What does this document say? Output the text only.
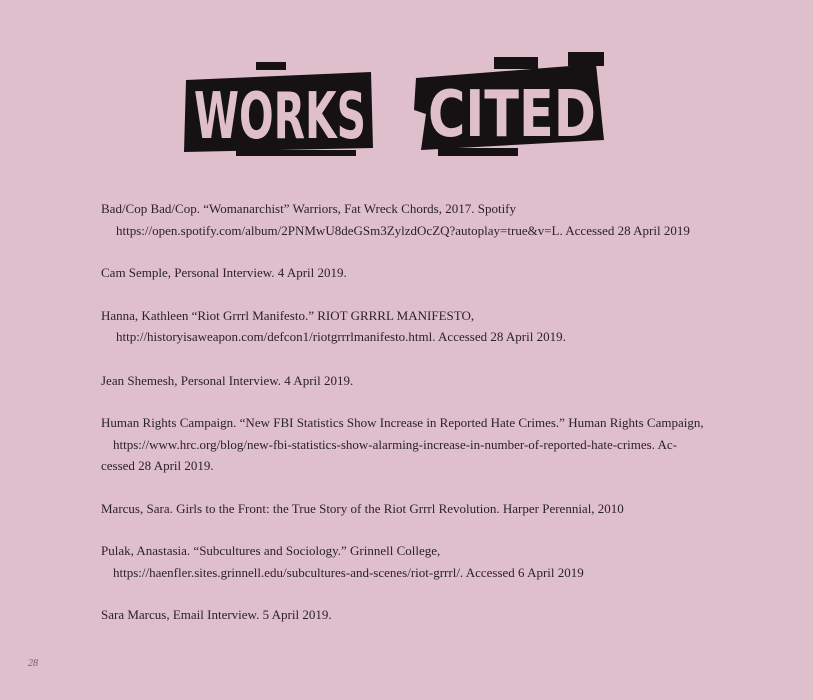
WORKS CITED

Bad/Cop Bad/Cop. “Womanarchist” Warriors, Fat Wreck Chords, 2017. Spotify
https://open.spotify.com/album/2PNMwU8deGSm3ZylzdOcZQ?autoplay=true&v=L. Accessed 28 April 2019

Cam Semple, Personal Interview. 4 April 2019.

Hanna, Kathleen “Riot Grrrl Manifesto.” RIOT GRRRL MANIFESTO,
http://historyisaweapon.com/defcon1/riotgrrrlmanifesto.html. Accessed 28 April 2019.

Jean Shemesh, Personal Interview. 4 April 2019.

Human Rights Campaign. “New FBI Statistics Show Increase in Reported Hate Crimes.” Human Rights Campaign,
https://www.hrc.org/blog/new-fbi-statistics-show-alarming-increase-in-number-of-reported-hate-crimes. Ac-
cessed 28 April 2019.

Marcus, Sara. Girls to the Front: the True Story of the Riot Grrrl Revolution. Harper Perennial, 2010

Pulak, Anastasia. “Subcultures and Sociology.” Grinnell College,
https://haenfler.sites.grinnell.edu/subcultures-and-scenes/riot-grrrl/. Accessed 6 April 2019

Sara Marcus, Email Interview. 5 April 2019.

28
